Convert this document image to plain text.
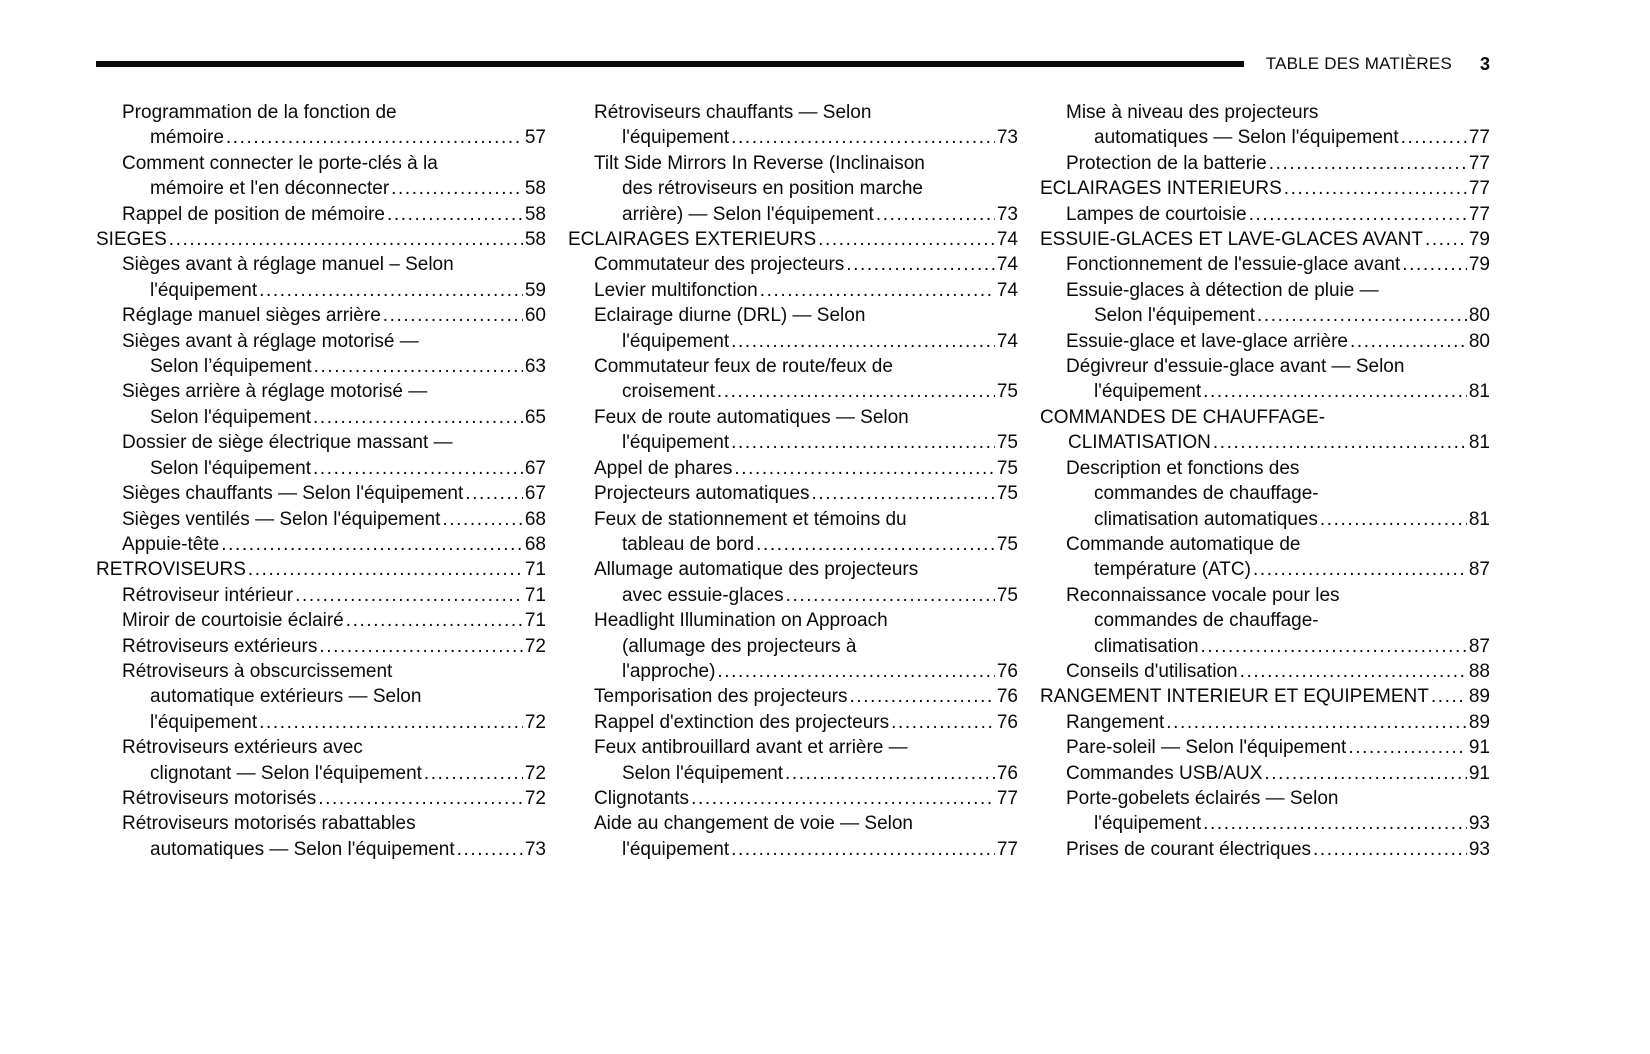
TABLE DES MATIÈRES 3
Programmation de la fonction de
mémoire .....	57
Comment connecter le porte-clés à la
mémoire et l'en déconnecter .....	58
Rappel de position de mémoire .....	58
SIEGES .....	58
Sièges avant à réglage manuel – Selon
l'équipement .....	59
Réglage manuel sièges arrière .....	60
Sièges avant à réglage motorisé —
Selon l’équipement .....	63
Sièges arrière à réglage motorisé —
Selon l'équipement .....	65
Dossier de siège électrique massant —
Selon l'équipement .....	67
Sièges chauffants — Selon l'équipement .....	67
Sièges ventilés — Selon l'équipement .....	68
Appuie-tête .....	68
RETROVISEURS .....	71
Rétroviseur intérieur .....	71
Miroir de courtoisie éclairé .....	71
Rétroviseurs extérieurs .....	72
Rétroviseurs à obscurcissement
automatique extérieurs — Selon
l'équipement .....	72
Rétroviseurs extérieurs avec
clignotant — Selon l'équipement .....	72
Rétroviseurs motorisés .....	72
Rétroviseurs motorisés rabattables
automatiques — Selon l'équipement .....	73
Rétroviseurs chauffants — Selon
l'équipement .....	73
Tilt Side Mirrors In Reverse (Inclinaison
des rétroviseurs en position marche
arrière) — Selon l'équipement .....	73
ECLAIRAGES EXTERIEURS .....	74
Commutateur des projecteurs .....	74
Levier multifonction .....	74
Eclairage diurne (DRL) — Selon
l'équipement .....	74
Commutateur feux de route/feux de
croisement .....	75
Feux de route automatiques — Selon
l'équipement .....	75
Appel de phares .....	75
Projecteurs automatiques .....	75
Feux de stationnement et témoins du
tableau de bord .....	75
Allumage automatique des projecteurs
avec essuie-glaces .....	75
Headlight Illumination on Approach
(allumage des projecteurs à
l'approche) .....	76
Temporisation des projecteurs .....	76
Rappel d'extinction des projecteurs .....	76
Feux antibrouillard avant et arrière —
Selon l'équipement .....	76
Clignotants .....	77
Aide au changement de voie — Selon
l'équipement .....	77
Mise à niveau des projecteurs
automatiques — Selon l'équipement .....	77
Protection de la batterie .....	77
ECLAIRAGES INTERIEURS .....	77
Lampes de courtoisie .....	77
ESSUIE-GLACES ET LAVE-GLACES AVANT ..... 79
Fonctionnement de l'essuie-glace avant .....	79
Essuie-glaces à détection de pluie —
Selon l'équipement .....	80
Essuie-glace et lave-glace arrière .....	80
Dégivreur d'essuie-glace avant — Selon
l'équipement .....	81
COMMANDES DE CHAUFFAGE-
CLIMATISATION .....	81
Description et fonctions des
commandes de chauffage-
climatisation automatiques .....	81
Commande automatique de
température (ATC) .....	87
Reconnaissance vocale pour les
commandes de chauffage-
climatisation .....	87
Conseils d'utilisation .....	88
RANGEMENT INTERIEUR ET EQUIPEMENT ..... 89
Rangement .....	89
Pare-soleil — Selon l'équipement .....	91
Commandes USB/AUX .....	91
Porte-gobelets éclairés — Selon
l'équipement .....	93
Prises de courant électriques .....	93
